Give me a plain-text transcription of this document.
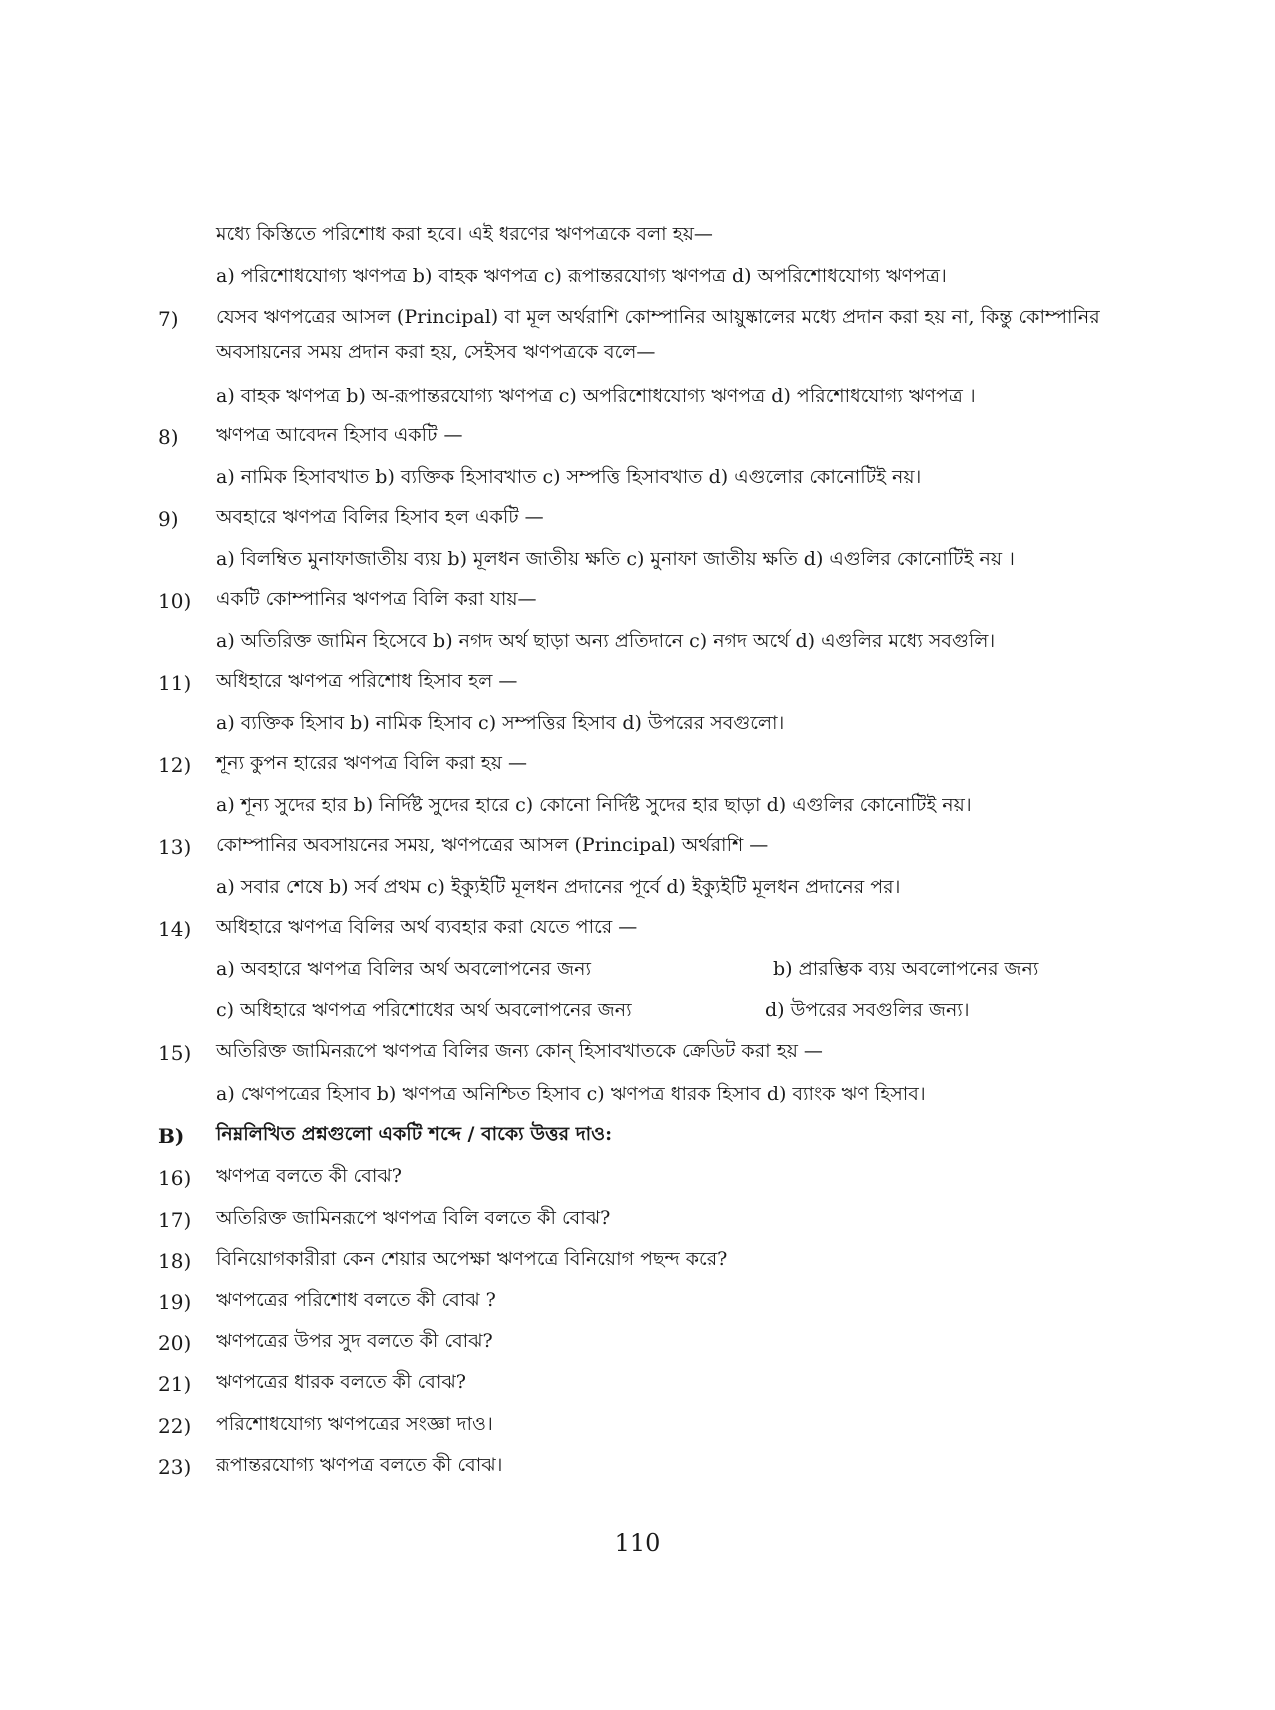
মধ্যে কিস্তিতে পরিশোধ করা হবে। এই ধরণের ঋণপত্রকে বলা হয়—
a) পরিশোধযোগ্য ঋণপত্র b) বাহক ঋণপত্র c) রূপান্তরযোগ্য ঋণপত্র d) অপরিশোধযোগ্য ঋণপত্র।
7)	যেসব ঋণপত্রের আসল (Principal) বা মূল অর্থরাশি কোম্পানির আয়ুষ্কালের মধ্যে প্রদান করা হয় না, কিন্তু কোম্পানির
অবসায়নের সময় প্রদান করা হয়, সেইসব ঋণপত্রকে বলে—
a) বাহক ঋণপত্র b) অ-রূপান্তরযোগ্য ঋণপত্র c) অপরিশোধযোগ্য ঋণপত্র d) পরিশোধযোগ্য ঋণপত্র ।
8)	ঋণপত্র আবেদন হিসাব একটি —
a) নামিক হিসাবখাত b) ব্যক্তিক হিসাবখাত c) সম্পত্তি হিসাবখাত d) এগুলোর কোনোটিই নয়।
9)	অবহারে ঋণপত্র বিলির হিসাব হল একটি —
a) বিলম্বিত মুনাফাজাতীয় ব্যয় b) মূলধন জাতীয় ক্ষতি c) মুনাফা জাতীয় ক্ষতি d) এগুলির কোনোটিই নয় ।
10)	একটি কোম্পানির ঋণপত্র বিলি করা যায়—
a) অতিরিক্ত জামিন হিসেবে b) নগদ অর্থ ছাড়া অন্য প্রতিদানে c) নগদ অর্থে d) এগুলির মধ্যে সবগুলি।
11)	অধিহারে ঋণপত্র পরিশোধ হিসাব হল —
a) ব্যক্তিক হিসাব b) নামিক হিসাব c) সম্পত্তির হিসাব d) উপরের সবগুলো।
12)	শূন্য কুপন হারের ঋণপত্র বিলি করা হয় —
a) শূন্য সুদের হার b) নির্দিষ্ট সুদের হারে c) কোনো নির্দিষ্ট সুদের হার ছাড়া d) এগুলির কোনোটিই নয়।
13)	কোম্পানির অবসায়নের সময়, ঋণপত্রের আসল (Principal) অর্থরাশি —
a) সবার শেষে b) সর্ব প্রথম c) ইক্যুইটি মূলধন প্রদানের পূর্বে d) ইক্যুইটি মূলধন প্রদানের পর।
14)	অধিহারে ঋণপত্র বিলির অর্থ ব্যবহার করা যেতে পারে —
a) অবহারে ঋণপত্র বিলির অর্থ অবলোপনের জন্য	b) প্রারম্ভিক ব্যয় অবলোপনের জন্য
c) অধিহারে ঋণপত্র পরিশোধের অর্থ অবলোপনের জন্য	d) উপরের সবগুলির জন্য।
15)	অতিরিক্ত জামিনরূপে ঋণপত্র বিলির জন্য কোন্ হিসাবখাতকে ক্রেডিট করা হয় —
a) ঋেণপত্রের হিসাব b) ঋণপত্র অনিশ্চিত হিসাব c) ঋণপত্র ধারক হিসাব d) ব্যাংক ঋণ হিসাব।
B)	নিম্নলিখিত প্রশ্নগুলো একটি শব্দে / বাক্যে উত্তর দাও:
16)	ঋণপত্র বলতে কী বোঝ?
17)	অতিরিক্ত জামিনরূপে ঋণপত্র বিলি বলতে কী বোঝ?
18)	বিনিয়োগকারীরা কেন শেয়ার অপেক্ষা ঋণপত্রে বিনিয়োগ পছন্দ করে?
19)	ঋণপত্রের পরিশোধ বলতে কী বোঝ ?
20)	ঋণপত্রের উপর সুদ বলতে কী বোঝ?
21)	ঋণপত্রের ধারক বলতে কী বোঝ?
22)	পরিশোধযোগ্য ঋণপত্রের সংজ্ঞা দাও।
23)	রূপান্তরযোগ্য ঋণপত্র বলতে কী বোঝ।
110
